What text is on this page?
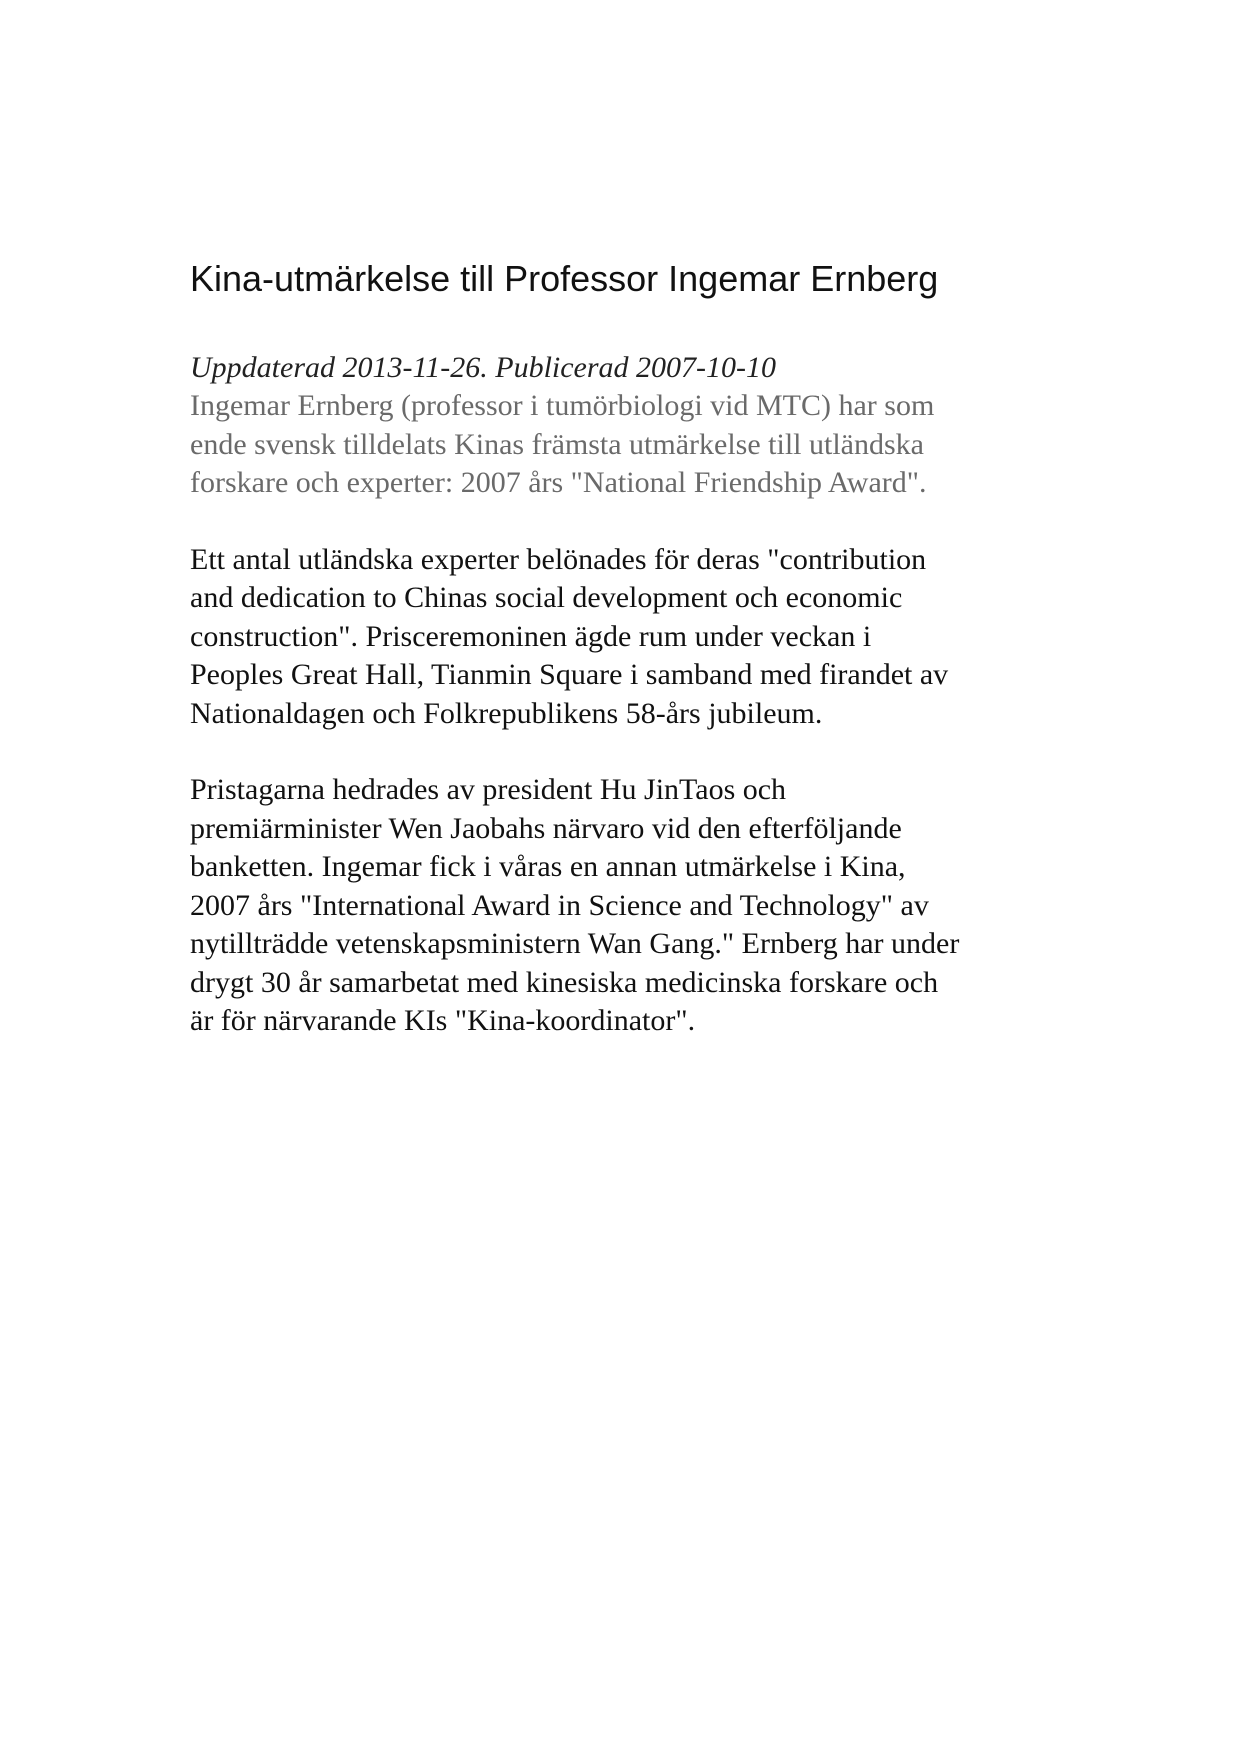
Kina-utmärkelse till Professor Ingemar Ernberg

Uppdaterad 2013-11-26. Publicerad 2007-10-10

Ingemar Ernberg (professor i tumörbiologi vid MTC) har som
ende svensk tilldelats Kinas främsta utmärkelse till utländska
forskare och experter: 2007 års "National Friendship Award".

Ett antal utländska experter belönades för deras "contribution
and dedication to Chinas social development och economic
construction". Prisceremoninen ägde rum under veckan i
Peoples Great Hall, Tianmin Square i samband med firandet av
Nationaldagen och Folkrepublikens 58-års jubileum.

Pristagarna hedrades av president Hu JinTaos och
premiärminister Wen Jaobahs närvaro vid den efterföljande
banketten. Ingemar fick i våras en annan utmärkelse i Kina,
2007 års "International Award in Science and Technology" av
nytillträdde vetenskapsministern Wan Gang." Ernberg har under
drygt 30 år samarbetat med kinesiska medicinska forskare och
är för närvarande KIs "Kina-koordinator".
